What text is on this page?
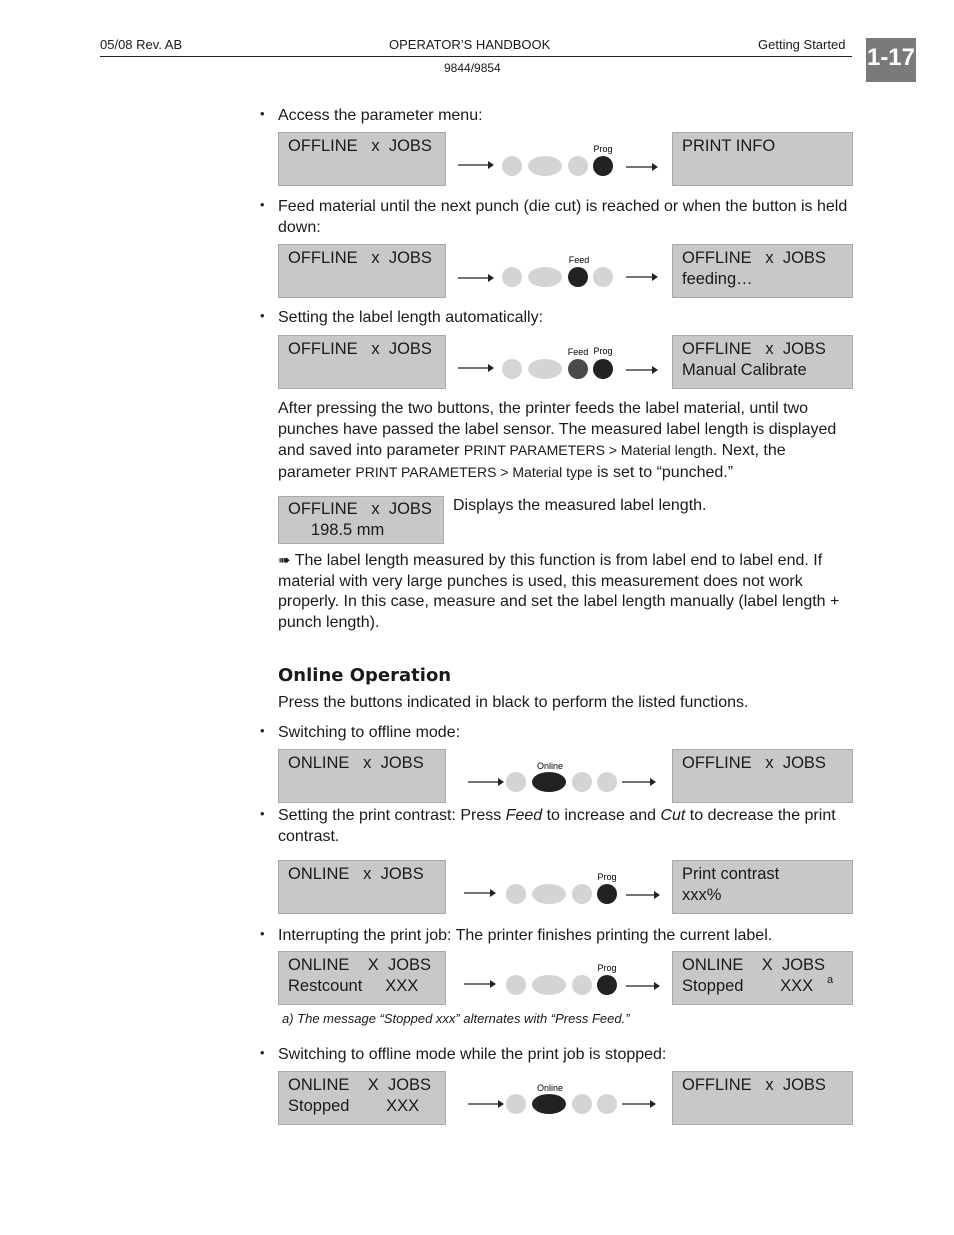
05/08 Rev. AB	OPERATOR’S HANDBOOK	Getting Started
9844/9854	1-17
• Access the parameter menu:
OFFLINE   x  JOBS	Prog	PRINT INFO
• Feed material until the next punch (die cut) is reached or when the button is held down:
OFFLINE   x  JOBS	Feed	OFFLINE   x  JOBS
feeding…
• Setting the label length automatically:
OFFLINE   x  JOBS	Feed Prog	OFFLINE   x  JOBS
Manual Calibrate
After pressing the two buttons, the printer feeds the label material, until two punches have passed the label sensor. The measured label length is displayed and saved into parameter PRINT PARAMETERS > Material length. Next, the parameter PRINT PARAMETERS > Material type is set to “punched.”
OFFLINE   x  JOBS
198.5 mm
Displays the measured label length.
➠ The label length measured by this function is from label end to label end. If material with very large punches is used, this measurement does not work properly. In this case, measure and set the label length manually (label length + punch length).
Online Operation
Press the buttons indicated in black to perform the listed functions.
• Switching to offline mode:
ONLINE   x  JOBS	Online	OFFLINE   x  JOBS
• Setting the print contrast: Press Feed to increase and Cut to decrease the print contrast.
ONLINE   x  JOBS	Prog	Print contrast
xxx%
• Interrupting the print job: The printer finishes printing the current label.
ONLINE    X  JOBS
Restcount     XXX
Prog	ONLINE    X  JOBS
Stopped        XXX a
a) The message “Stopped xxx” alternates with “Press Feed.”
• Switching to offline mode while the print job is stopped:
ONLINE    X  JOBS
Stopped        XXX
Online	OFFLINE   x  JOBS
